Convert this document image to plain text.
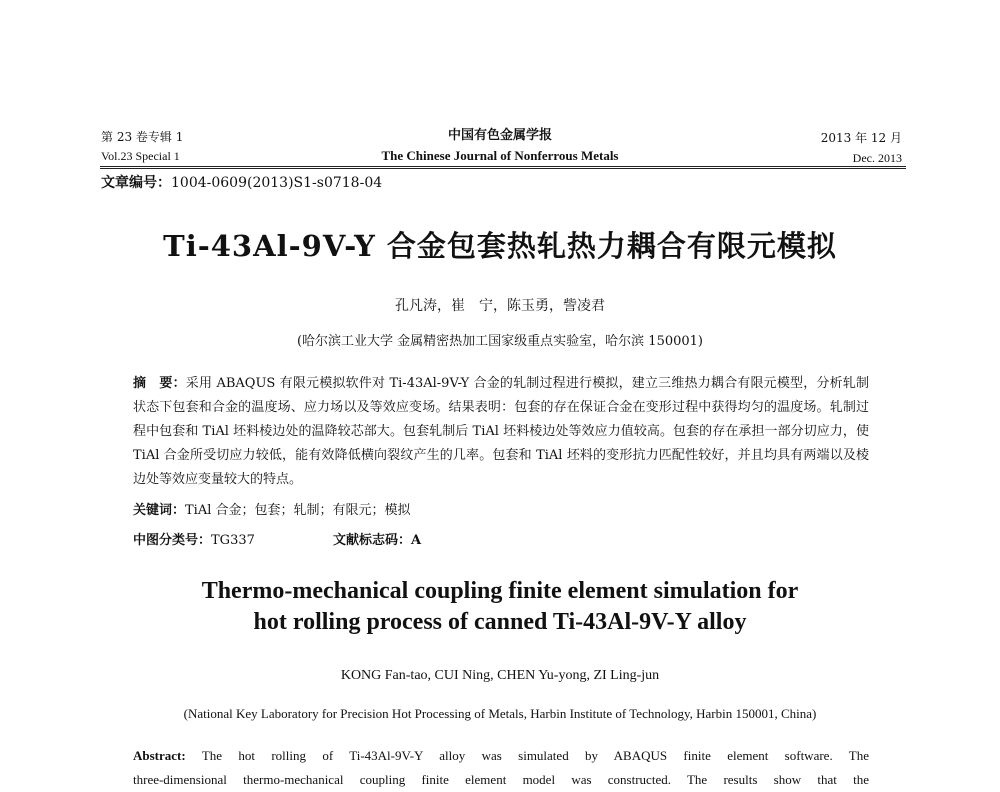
第 23 卷专辑 1
Vol.23 Special 1
中国有色金属学报
The Chinese Journal of Nonferrous Metals
2013 年 12 月
Dec. 2013
文章编号：1004-0609(2013)S1-s0718-04
Ti-43Al-9V-Y 合金包套热轧热力耦合有限元模拟
孔凡涛，崔　宁，陈玉勇，訾凌君
(哈尔滨工业大学 金属精密热加工国家级重点实验室，哈尔滨 150001)
摘　要：采用 ABAQUS 有限元模拟软件对 Ti-43Al-9V-Y 合金的轧制过程进行模拟，建立三维热力耦合有限元模型，分析轧制状态下包套和合金的温度场、应力场以及等效应变场。结果表明：包套的存在保证合金在变形过程中获得均匀的温度场。轧制过程中包套和 TiAl 坯料棱边处的温降较芯部大。包套轧制后 TiAl 坯料棱边处等效应力值较高。包套的存在承担一部分切应力，使 TiAl 合金所受切应力较低，能有效降低横向裂纹产生的几率。包套和 TiAl 坯料的变形抗力匹配性较好，并且均具有两端以及棱边处等效应变量较大的特点。
关键词：TiAl 合金；包套；轧制；有限元；模拟
中图分类号：TG337	文献标志码：A
Thermo-mechanical coupling finite element simulation for
hot rolling process of canned Ti-43Al-9V-Y alloy
KONG Fan-tao, CUI Ning, CHEN Yu-yong, ZI Ling-jun
(National Key Laboratory for Precision Hot Processing of Metals, Harbin Institute of Technology, Harbin 150001, China)
Abstract: The hot rolling of Ti-43Al-9V-Y alloy was simulated by ABAQUS finite element software. The
three-dimensional thermo-mechanical coupling finite element model was constructed. The results show that the
